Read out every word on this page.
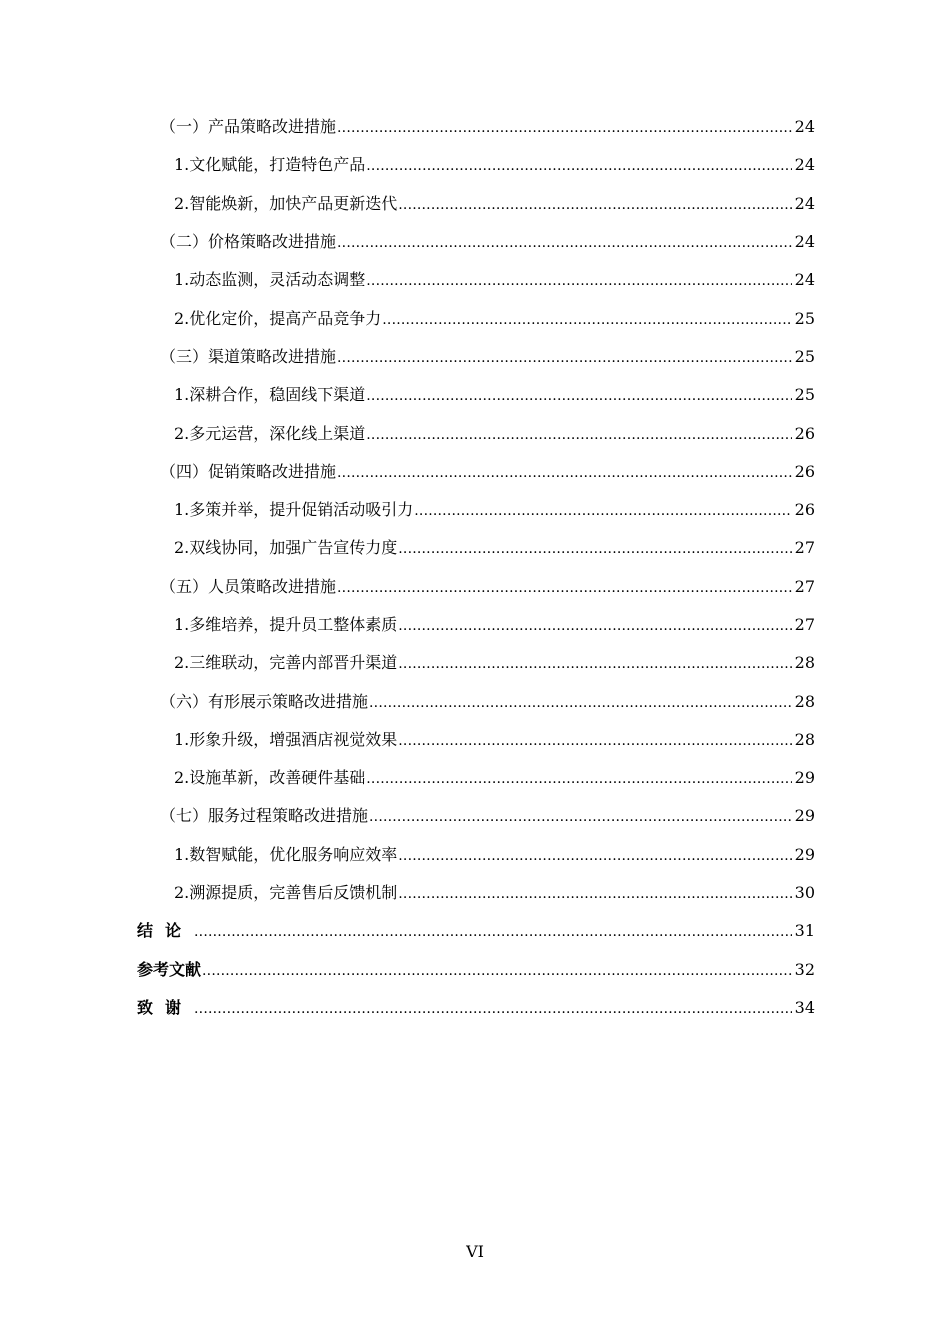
（一）产品策略改进措施 .....	24
1.文化赋能，打造特色产品 .....	24
2.智能焕新，加快产品更新迭代 .....	24
（二）价格策略改进措施 .....	24
1.动态监测，灵活动态调整 .....	24
2.优化定价，提高产品竞争力 .....	25
（三）渠道策略改进措施 .....	25
1.深耕合作，稳固线下渠道 .....	25
2.多元运营，深化线上渠道 .....	26
（四）促销策略改进措施 .....	26
1.多策并举，提升促销活动吸引力 .....	26
2.双线协同，加强广告宣传力度 .....	27
（五）人员策略改进措施 .....	27
1.多维培养，提升员工整体素质 .....	27
2.三维联动，完善内部晋升渠道 .....	28
（六）有形展示策略改进措施 .....	28
1.形象升级，增强酒店视觉效果 .....	28
2.设施革新，改善硬件基础 .....	29
（七）服务过程策略改进措施 .....	29
1.数智赋能，优化服务响应效率 .....	29
2.溯源提质，完善售后反馈机制 .....	30
结论 .....	31
参考文献 .....	32
致谢 .....	34
VI
